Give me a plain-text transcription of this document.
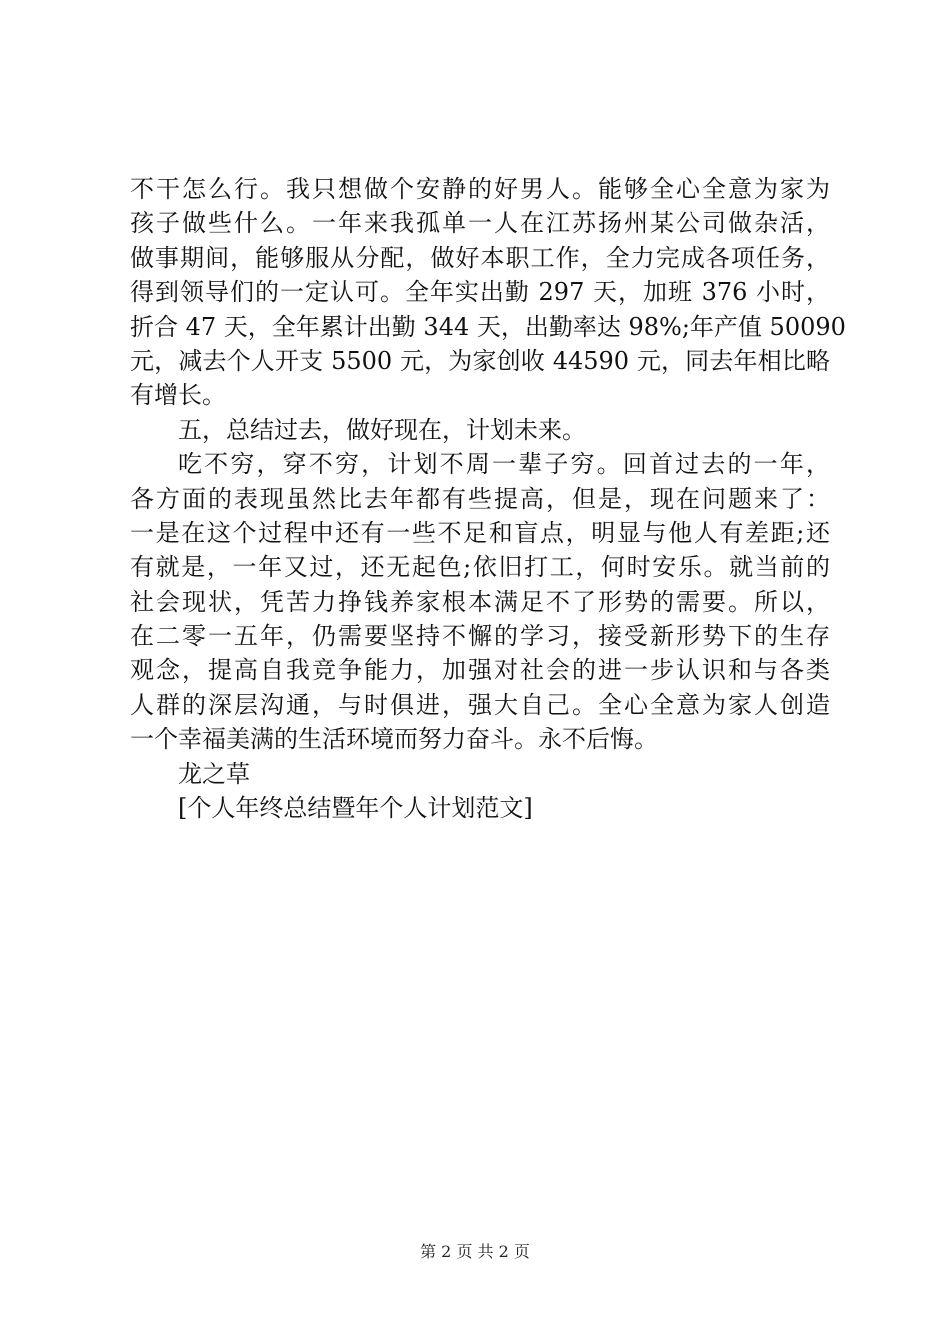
不干怎么行。我只想做个安静的好男人。能够全心全意为家为
孩子做些什么。一年来我孤单一人在江苏扬州某公司做杂活，
做事期间，能够服从分配，做好本职工作，全力完成各项任务，
得到领导们的一定认可。全年实出勤 297 天，加班 376 小时，
折合 47 天，全年累计出勤 344 天，出勤率达 98%;年产值 50090
元，减去个人开支 5500 元，为家创收 44590 元，同去年相比略
有增长。
五，总结过去，做好现在，计划未来。
吃不穷，穿不穷，计划不周一辈子穷。回首过去的一年，
各方面的表现虽然比去年都有些提高，但是，现在问题来了：
一是在这个过程中还有一些不足和盲点，明显与他人有差距;还
有就是，一年又过，还无起色;依旧打工，何时安乐。就当前的
社会现状，凭苦力挣钱养家根本满足不了形势的需要。所以，
在二零一五年，仍需要坚持不懈的学习，接受新形势下的生存
观念，提高自我竞争能力，加强对社会的进一步认识和与各类
人群的深层沟通，与时俱进，强大自己。全心全意为家人创造
一个幸福美满的生活环境而努力奋斗。永不后悔。
龙之草
[个人年终总结暨年个人计划范文]
第 2 页 共 2 页
